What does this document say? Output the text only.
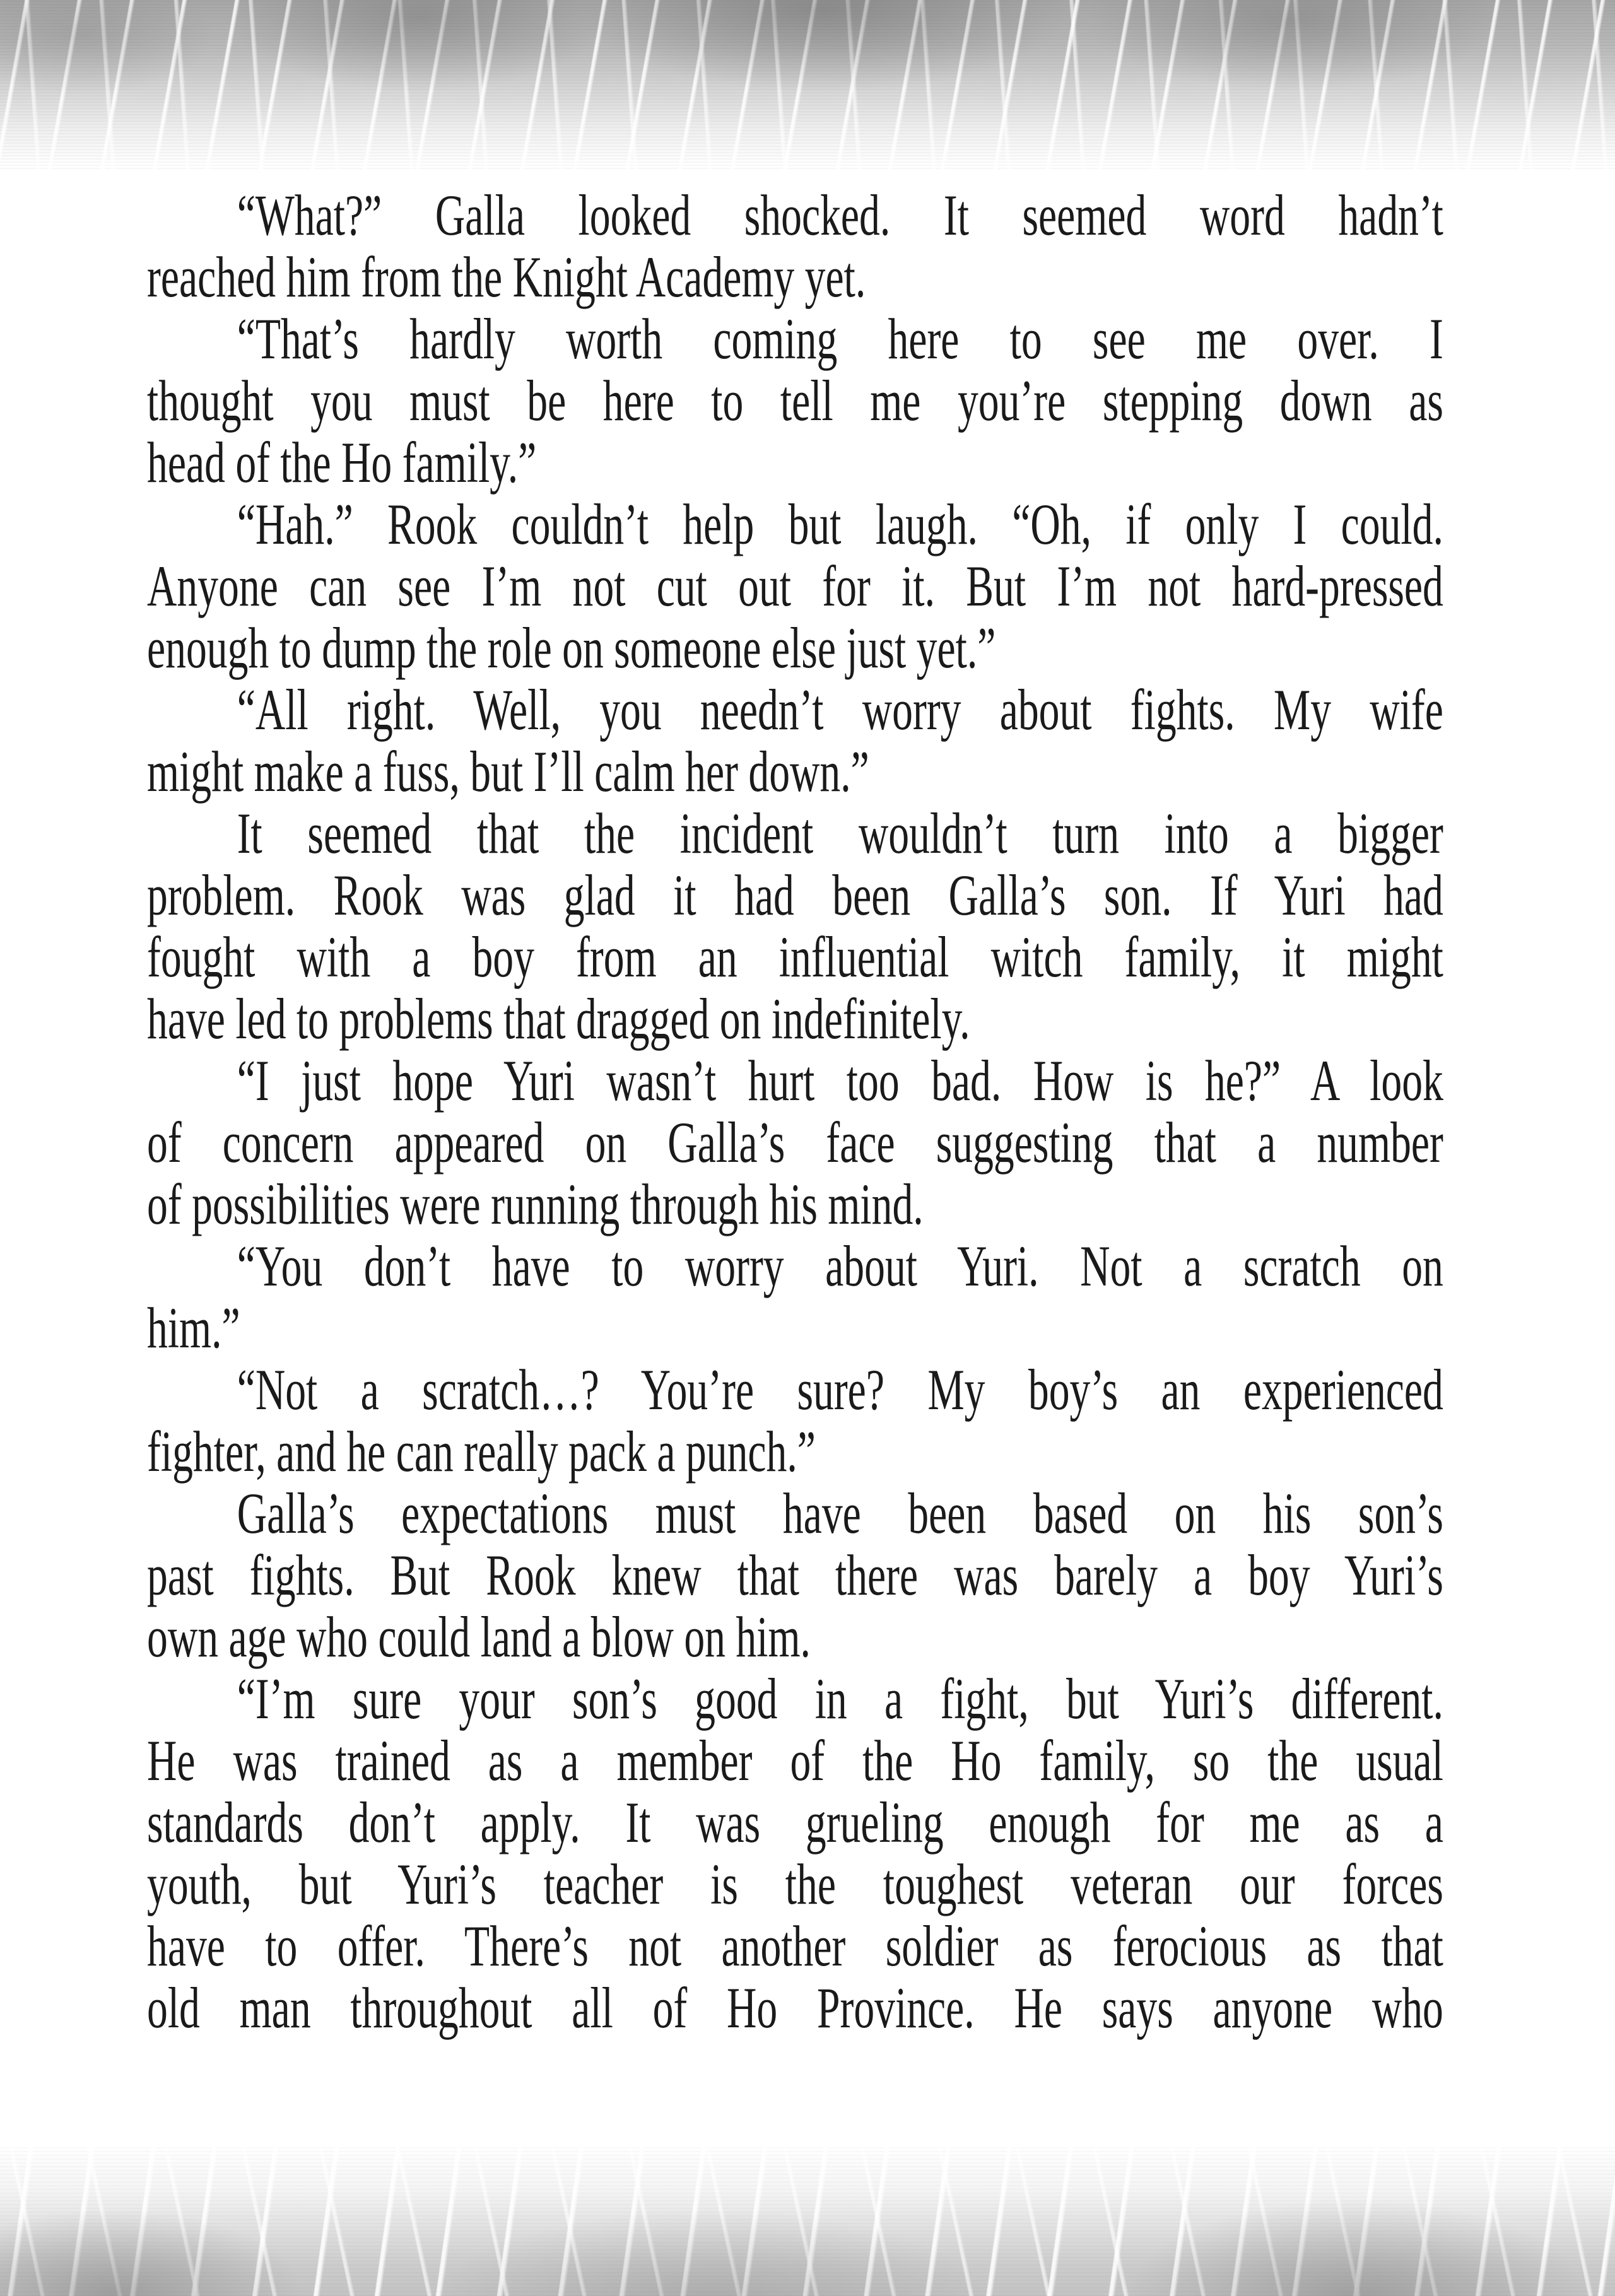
“What?” Galla looked shocked. It seemed word hadn’t
reached him from the Knight Academy yet.
“That’s hardly worth coming here to see me over. I
thought you must be here to tell me you’re stepping down as
head of the Ho family.”
“Hah.” Rook couldn’t help but laugh. “Oh, if only I could.
Anyone can see I’m not cut out for it. But I’m not hard-pressed
enough to dump the role on someone else just yet.”
“All right. Well, you needn’t worry about fights. My wife
might make a fuss, but I’ll calm her down.”
It seemed that the incident wouldn’t turn into a bigger
problem. Rook was glad it had been Galla’s son. If Yuri had
fought with a boy from an influential witch family, it might
have led to problems that dragged on indefinitely.
“I just hope Yuri wasn’t hurt too bad. How is he?” A look
of concern appeared on Galla’s face suggesting that a number
of possibilities were running through his mind.
“You don’t have to worry about Yuri. Not a scratch on
him.”
“Not a scratch…? You’re sure? My boy’s an experienced
fighter, and he can really pack a punch.”
Galla’s expectations must have been based on his son’s
past fights. But Rook knew that there was barely a boy Yuri’s
own age who could land a blow on him.
“I’m sure your son’s good in a fight, but Yuri’s different.
He was trained as a member of the Ho family, so the usual
standards don’t apply. It was grueling enough for me as a
youth, but Yuri’s teacher is the toughest veteran our forces
have to offer. There’s not another soldier as ferocious as that
old man throughout all of Ho Province. He says anyone who
